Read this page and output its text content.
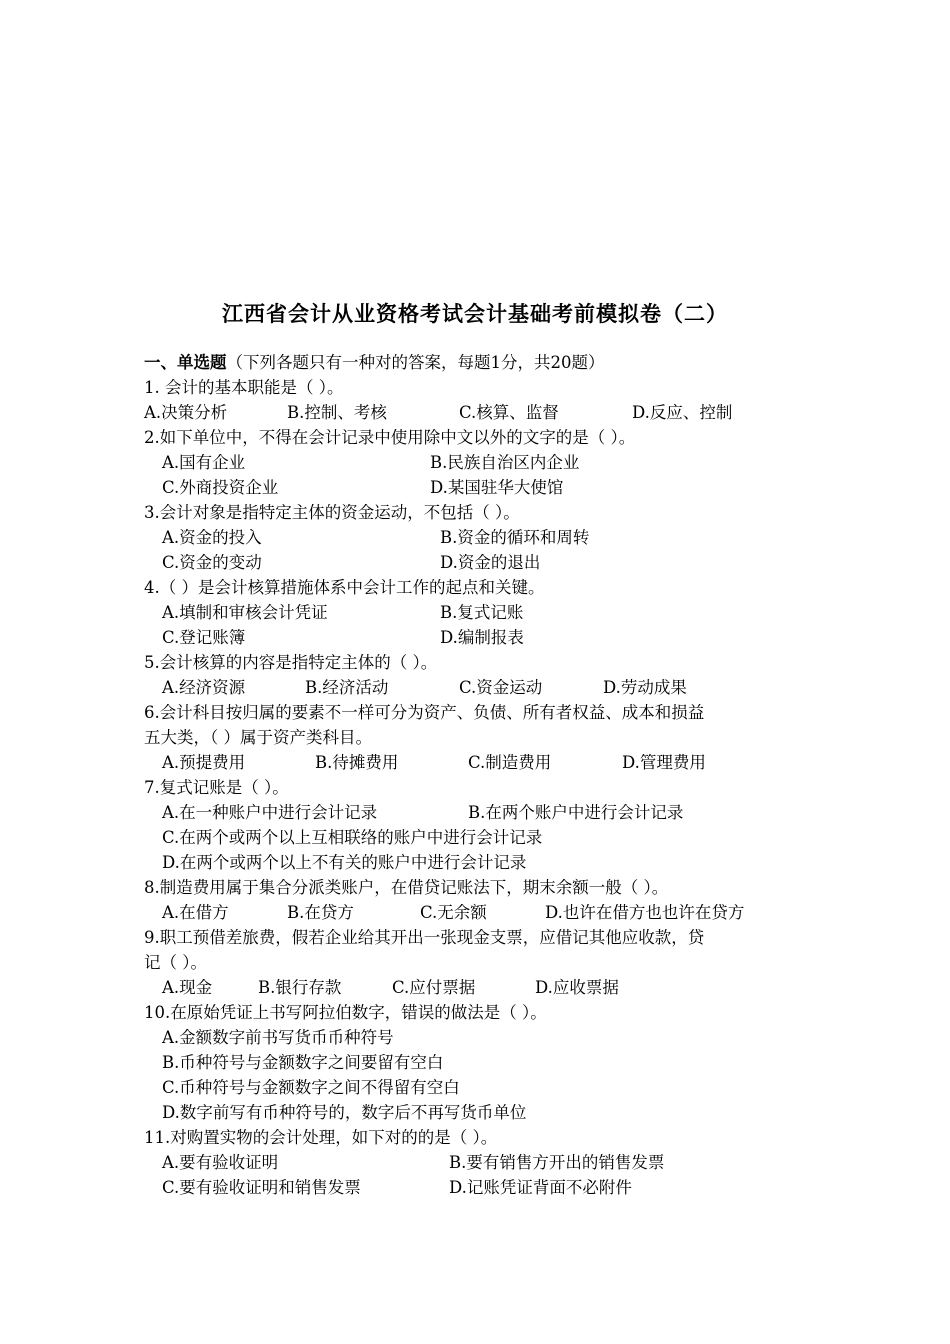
江西省会计从业资格考试会计基础考前模拟卷（二）
一、单选题（下列各题只有一种对的答案，每题1分，共20题）
1. 会计的基本职能是（ ）。
A.决策分析	B.控制、考核	C.核算、监督	D.反应、控制
2.如下单位中，不得在会计记录中使用除中文以外的文字的是（ ）。
A.国有企业	B.民族自治区内企业
C.外商投资企业	D.某国驻华大使馆
3.会计对象是指特定主体的资金运动，不包括（ ）。
A.资金的投入	B.资金的循环和周转
C.资金的变动	D.资金的退出
4.（ ）是会计核算措施体系中会计工作的起点和关键。
A.填制和审核会计凭证	B.复式记账
C.登记账簿	D.编制报表
5.会计核算的内容是指特定主体的（ ）。
A.经济资源	B.经济活动	C.资金运动	D.劳动成果
6.会计科目按归属的要素不一样可分为资产、负债、所有者权益、成本和损益
五大类，（ ）属于资产类科目。
A.预提费用	B.待摊费用	C.制造费用	D.管理费用
7.复式记账是（ ）。
A.在一种账户中进行会计记录	B.在两个账户中进行会计记录
C.在两个或两个以上互相联络的账户中进行会计记录
D.在两个或两个以上不有关的账户中进行会计记录
8.制造费用属于集合分派类账户，在借贷记账法下，期末余额一般（ ）。
A.在借方	B.在贷方	C.无余额	D.也许在借方也也许在贷方
9.职工预借差旅费，假若企业给其开出一张现金支票，应借记其他应收款，贷
记（ ）。
A.现金	B.银行存款	C.应付票据	D.应收票据
10.在原始凭证上书写阿拉伯数字，错误的做法是（ ）。
A.金额数字前书写货币币种符号
B.币种符号与金额数字之间要留有空白
C.币种符号与金额数字之间不得留有空白
D.数字前写有币种符号的，数字后不再写货币单位
11.对购置实物的会计处理，如下对的的是（ ）。
A.要有验收证明	B.要有销售方开出的销售发票
C.要有验收证明和销售发票	D.记账凭证背面不必附件
